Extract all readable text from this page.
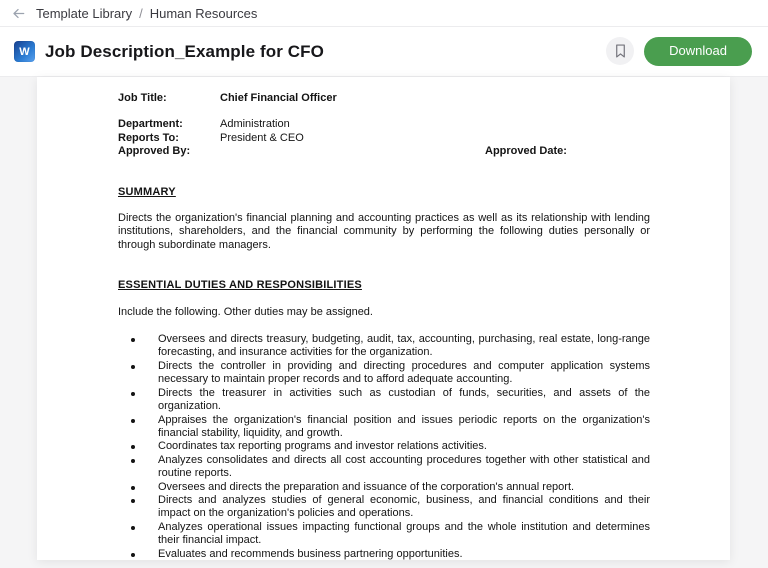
Template Library / Human Resources
W Job Description_Example for CFO	Download
Job Title:	Chief Financial Officer
Department:	Administration
Reports To:	President & CEO
Approved By:	Approved Date:
SUMMARY

Directs the organization's financial planning and accounting practices as well as its relationship with lending institutions, shareholders, and the financial community by performing the following duties personally or through subordinate managers.

ESSENTIAL DUTIES AND RESPONSIBILITIES

Include the following. Other duties may be assigned.

Oversees and directs treasury, budgeting, audit, tax, accounting, purchasing, real estate, long-range forecasting, and insurance activities for the organization.
Directs the controller in providing and directing procedures and computer application systems necessary to maintain proper records and to afford adequate accounting.
Directs the treasurer in activities such as custodian of funds, securities, and assets of the organization.
Appraises the organization's financial position and issues periodic reports on the organization's financial stability, liquidity, and growth.
Coordinates tax reporting programs and investor relations activities.
Analyzes consolidates and directs all cost accounting procedures together with other statistical and routine reports.
Oversees and directs the preparation and issuance of the corporation's annual report.
Directs and analyzes studies of general economic, business, and financial conditions and their impact on the organization's policies and operations.
Analyzes operational issues impacting functional groups and the whole institution and determines their financial impact.
Evaluates and recommends business partnering opportunities.
